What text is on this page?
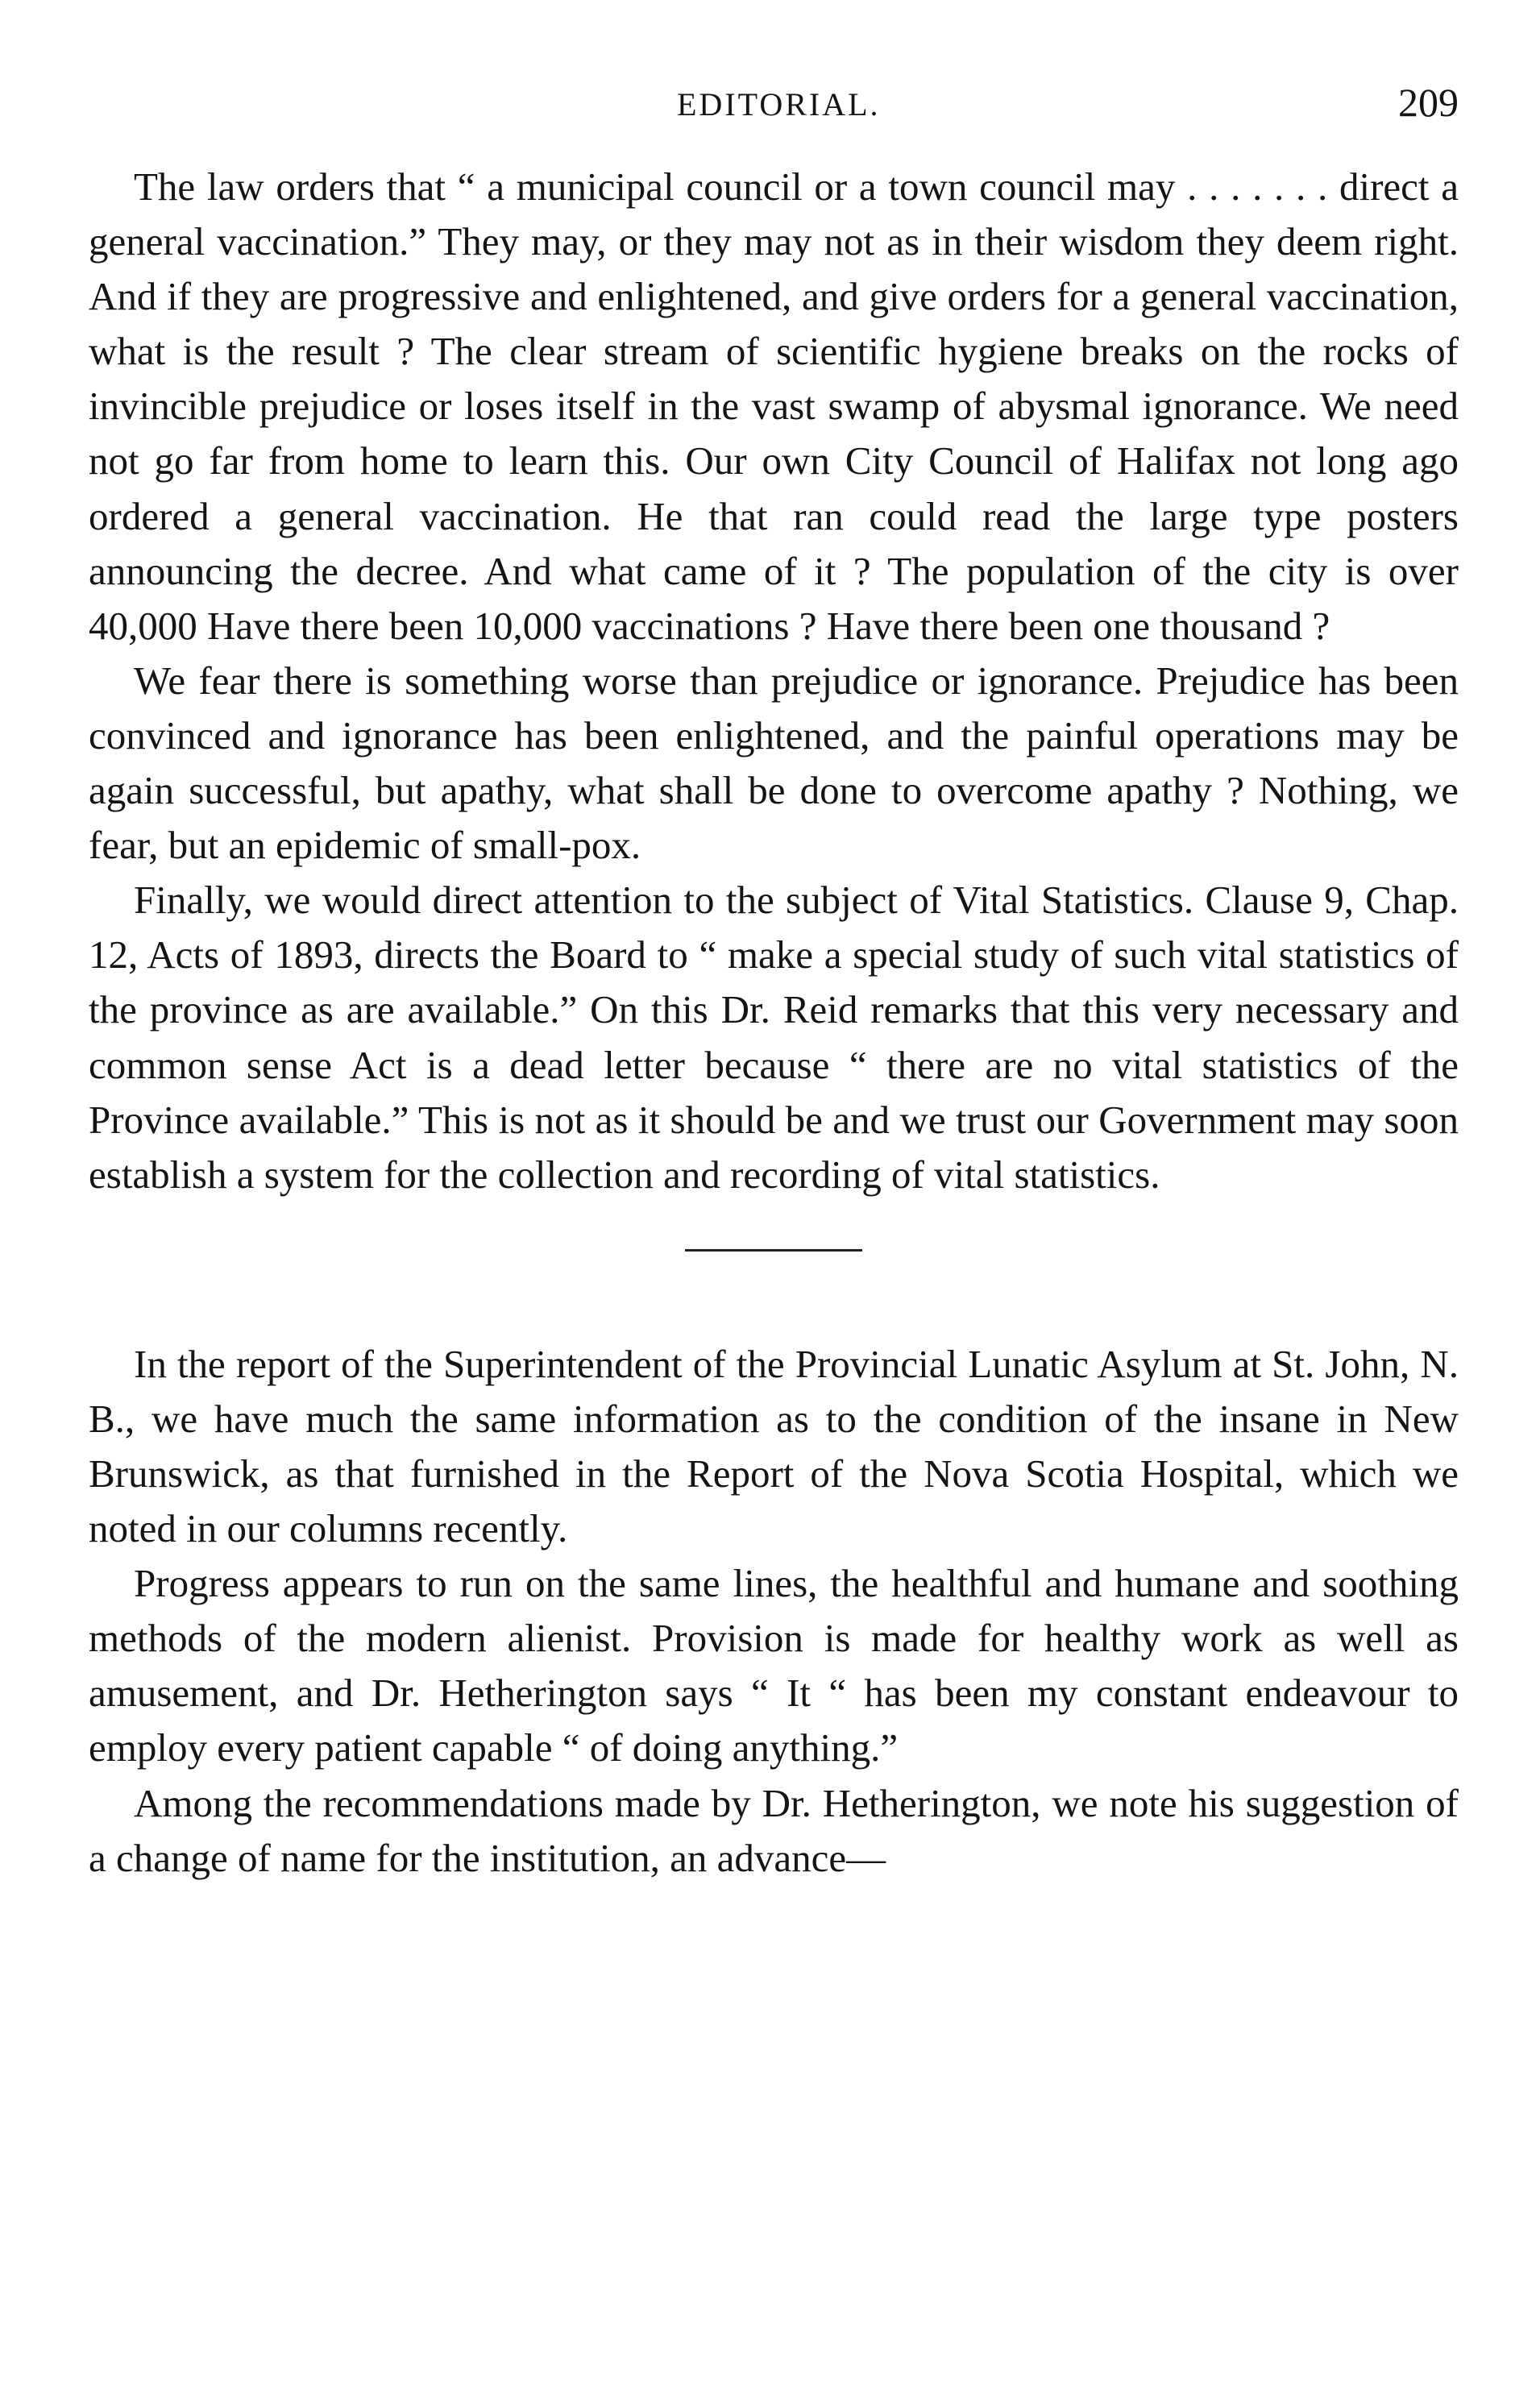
EDITORIAL.	209

The law orders that “ a municipal council or a town council may . . . . . . . direct a general vaccination.” They may, or they may not as in their wisdom they deem right. And if they are progressive and enlightened, and give orders for a general vaccination, what is the result ? The clear stream of scientific hygiene breaks on the rocks of invincible prejudice or loses itself in the vast swamp of abysmal ignorance. We need not go far from home to learn this. Our own City Council of Halifax not long ago ordered a general vaccination. He that ran could read the large type posters announcing the decree. And what came of it ? The population of the city is over 40,000 Have there been 10,000 vaccinations ? Have there been one thousand ?

We fear there is something worse than prejudice or ignorance. Prejudice has been convinced and ignorance has been enlightened, and the painful operations may be again successful, but apathy, what shall be done to overcome apathy ? Nothing, we fear, but an epidemic of small-pox.

Finally, we would direct attention to the subject of Vital Statistics. Clause 9, Chap. 12, Acts of 1893, directs the Board to “ make a special study of such vital statistics of the province as are available.” On this Dr. Reid remarks that this very necessary and common sense Act is a dead letter because “ there are no vital statistics of the Province available.” This is not as it should be and we trust our Government may soon establish a system for the collection and recording of vital statistics.

In the report of the Superintendent of the Provincial Lunatic Asylum at St. John, N. B., we have much the same information as to the condition of the insane in New Brunswick, as that furnished in the Report of the Nova Scotia Hospital, which we noted in our columns recently.

Progress appears to run on the same lines, the healthful and humane and soothing methods of the modern alienist. Provision is made for healthy work as well as amusement, and Dr. Hetherington says “ It “ has been my constant endeavour to employ every patient capable “ of doing anything.”

Among the recommendations made by Dr. Hetherington, we note his suggestion of a change of name for the institution, an advance—
